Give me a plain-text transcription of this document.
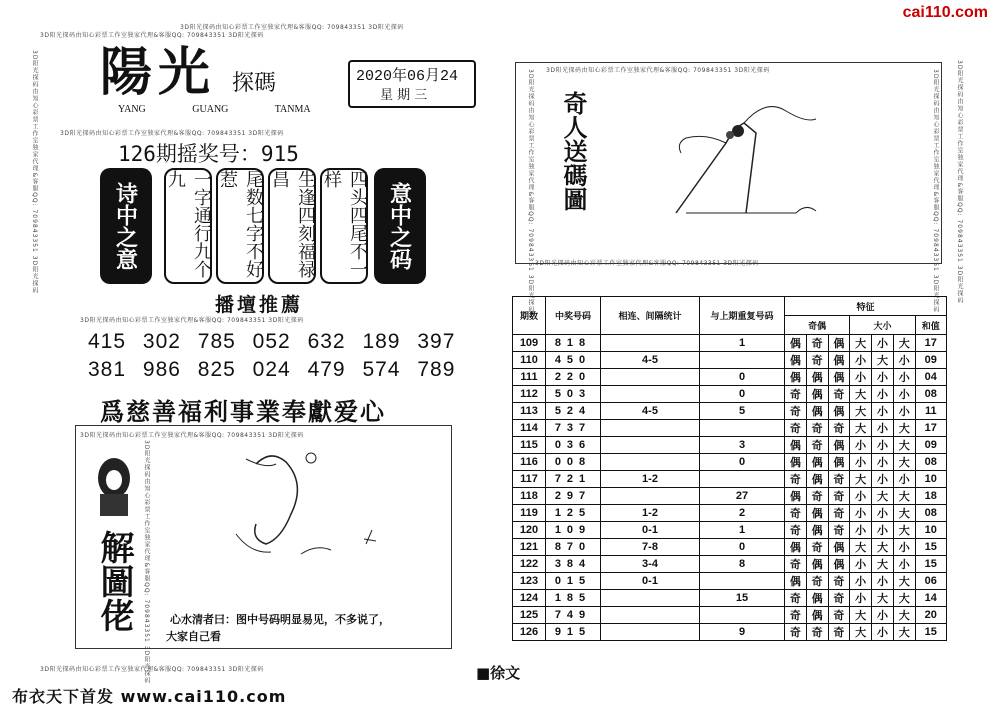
cai110.com
3D阳光探码由知心彩票工作室独家代理&客服QQ: 709843351 3D阳光探码
3D阳光探码由知心彩票工作室独家代理&客服QQ: 709843351 3D阳光探码
3D阳光探码由知心彩票工作室独家代理&客服QQ: 709843351 3D阳光探码 陽光 探碼
YANG	GUANG	TANMA
2020年06月24
星 期 三
3D阳光探码由知心彩票工作室独家代理&客服QQ: 709843351 3D阳光探码
126期摇奖号：915
诗中之意	一字通行九个九	尾数七字不好惹	生逢四刻福禄昌	四头四尾不一样
意中之码
播壇推薦
3D阳光探码由知心彩票工作室独家代理&客服QQ: 709843351 3D阳光探码
415 302 785 052 632 189 397
381 986 825 024 479 574 789
爲慈善福利事業奉獻爱心
3D阳光探码由知心彩票工作室独家代理&客服QQ: 709843351 3D阳光探码
3D阳光探码由知心彩票工作室独家代理&客服QQ: 709843351 3D阳光探码
解圖佬	心水清者曰：图中号码明显易见，不多说了，
大家自己看
3D阳光探码由知心彩票工作室独家代理&客服QQ: 709843351 3D阳光探码
3D阳光探码由知心彩票工作室独家代理&客服QQ: 709843351 3D阳光探码
3D阳光探码由知心彩票工作室独家代理&客服QQ: 709843351 3D阳光探码 奇人送碼圖	3D阳光探码由知心彩票工作室独家代理&客服QQ: 709843351 3D阳光探码	3D阳光探码由知心彩票工作室独家代理&客服QQ: 709843351 3D阳光探码
3D阳光探码由知心彩票工作室独家代理&客服QQ: 709843351 3D阳光探码
期数	中奖号码	相连、间隔统计	与上期重复号码	特征						
				奇偶			大小			和值
109	818		1	偶	奇	偶	大	小	大	17
110	450	4-5		偶	奇	偶	小	大	小	09
111	220		0	偶	偶	偶	小	小	小	04
112	503		0	奇	偶	奇	大	小	小	08
113	524	4-5	5	奇	偶	偶	大	小	小	11
114	737			奇	奇	奇	大	小	大	17
115	036		3	偶	奇	偶	小	小	大	09
116	008		0	偶	偶	偶	小	小	大	08
117	721	1-2		奇	偶	奇	大	小	小	10
118	297		27	偶	奇	奇	小	大	大	18
119	125	1-2	2	奇	偶	奇	小	小	大	08
120	109	0-1	1	奇	偶	奇	小	小	大	10
121	870	7-8	0	偶	奇	偶	大	大	小	15
122	384	3-4	8	奇	偶	偶	小	大	小	15
123	015	0-1		偶	奇	奇	小	小	大	06
124	185		15	奇	偶	奇	小	大	大	14
125	749			奇	偶	奇	大	小	大	20
126	915		9	奇	奇	奇	大	小	大	15
■徐文
布衣天下首发 www.cai110.com
